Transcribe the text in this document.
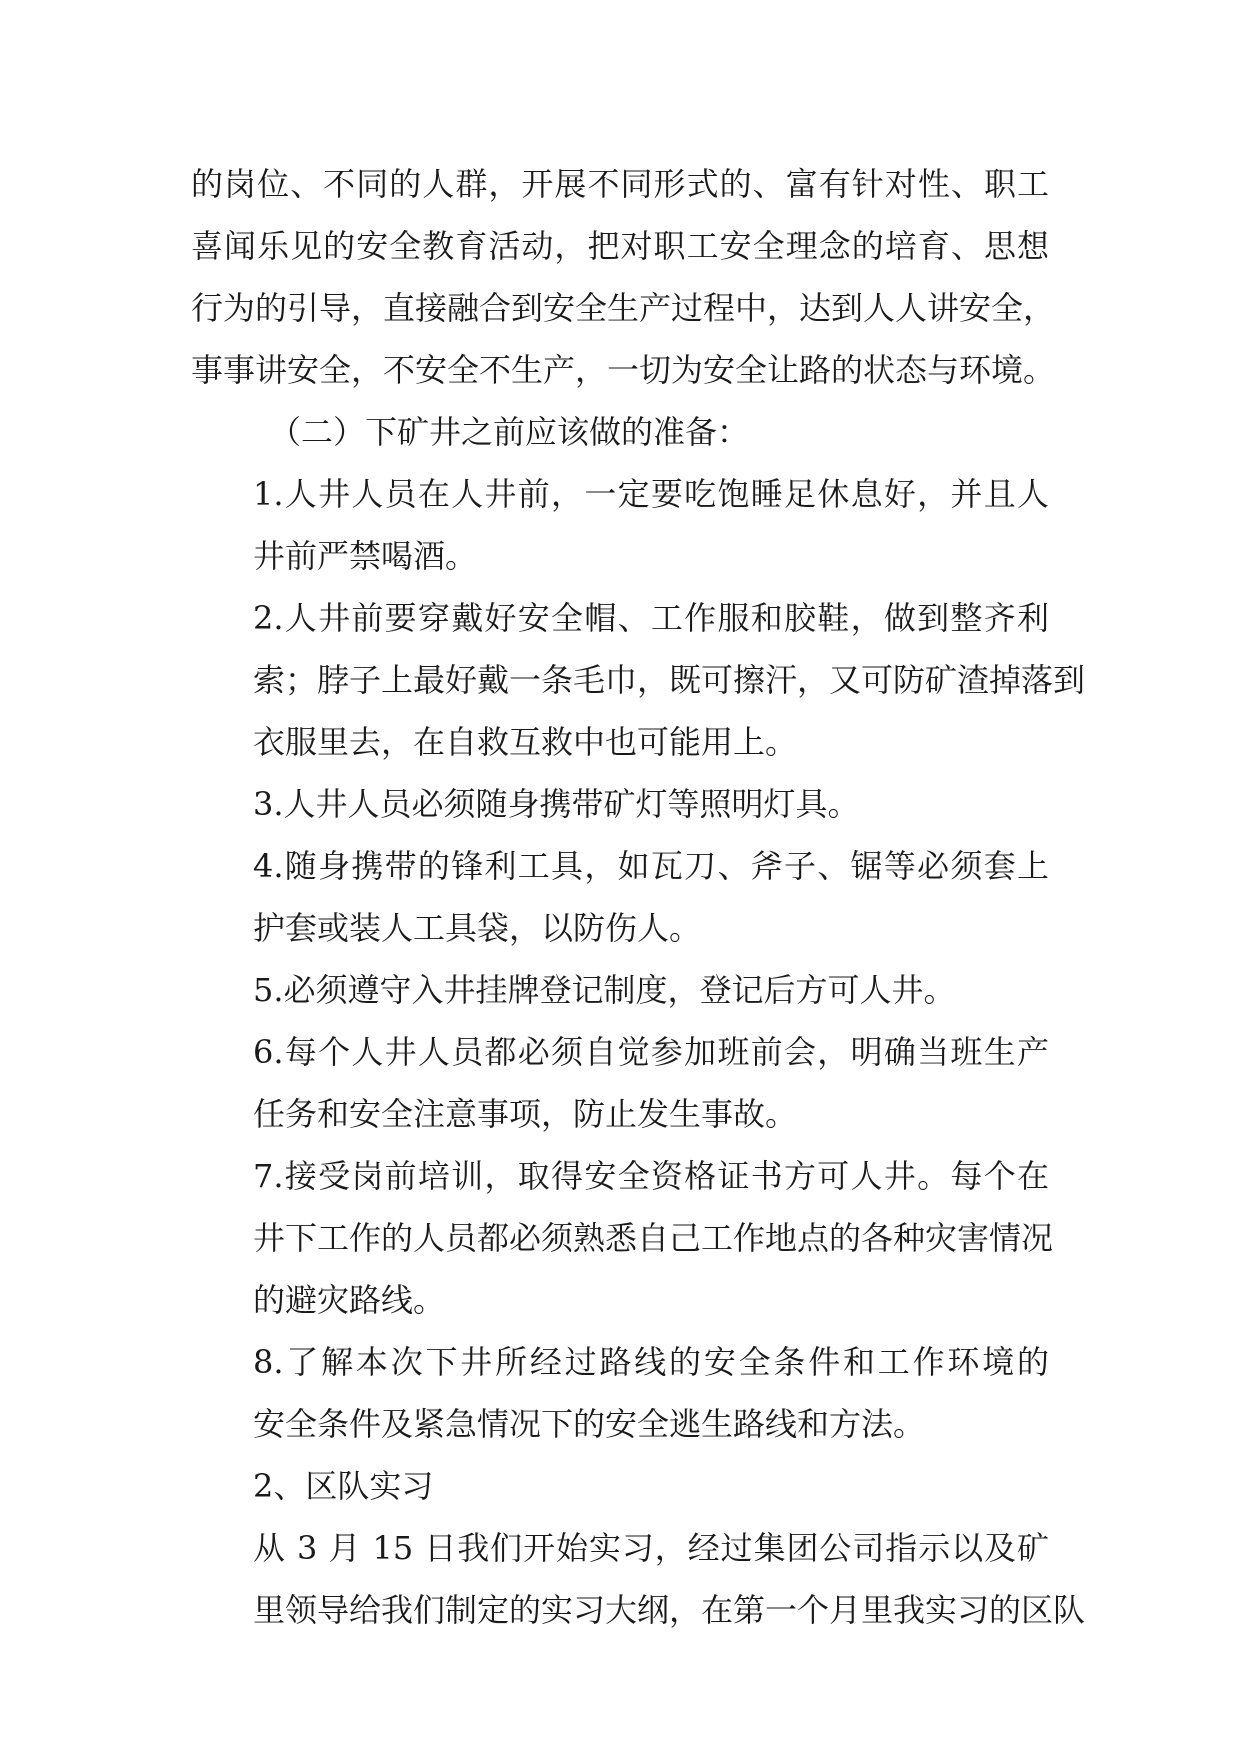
的岗位、不同的人群，开展不同形式的、富有针对性、职工
喜闻乐见的安全教育活动，把对职工安全理念的培育、思想
行为的引导，直接融合到安全生产过程中，达到人人讲安全，
事事讲安全，不安全不生产，一切为安全让路的状态与环境。

（二）下矿井之前应该做的准备：

1.人井人员在人井前，一定要吃饱睡足休息好，并且人
井前严禁喝酒。

2.人井前要穿戴好安全帽、工作服和胶鞋，做到整齐利
索；脖子上最好戴一条毛巾，既可擦汗，又可防矿渣掉落到
衣服里去，在自救互救中也可能用上。

3.人井人员必须随身携带矿灯等照明灯具。

4.随身携带的锋利工具，如瓦刀、斧子、锯等必须套上
护套或装人工具袋，以防伤人。

5.必须遵守入井挂牌登记制度，登记后方可人井。

6.每个人井人员都必须自觉参加班前会，明确当班生产
任务和安全注意事项，防止发生事故。

7.接受岗前培训，取得安全资格证书方可人井。每个在
井下工作的人员都必须熟悉自己工作地点的各种灾害情况
的避灾路线。

8.了解本次下井所经过路线的安全条件和工作环境的
安全条件及紧急情况下的安全逃生路线和方法。

2、区队实习

从 3 月 15 日我们开始实习，经过集团公司指示以及矿
里领导给我们制定的实习大纲，在第一个月里我实习的区队
